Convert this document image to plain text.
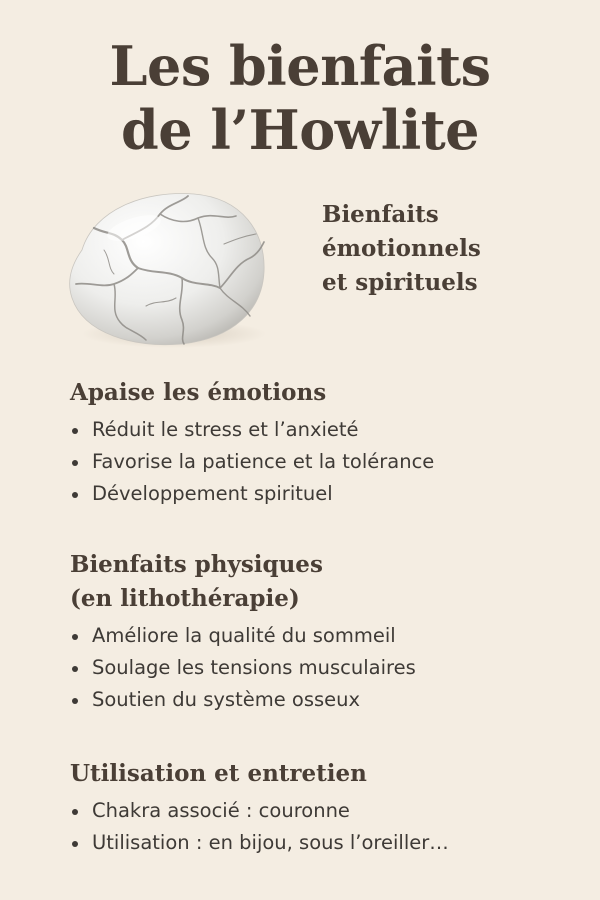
Les bienfaits
de l’Howlite
Bienfaits
émotionnels
et spirituels
Apaise les émotions
Réduit le stress et l’anxieté
Favorise la patience et la tolérance
Développement spirituel
Bienfaits physiques
(en lithothérapie)
Améliore la qualité du sommeil
Soulage les tensions musculaires
Soutien du système osseux
Utilisation et entretien
Chakra associé : couronne
Utilisation : en bijou, sous l’oreiller…
